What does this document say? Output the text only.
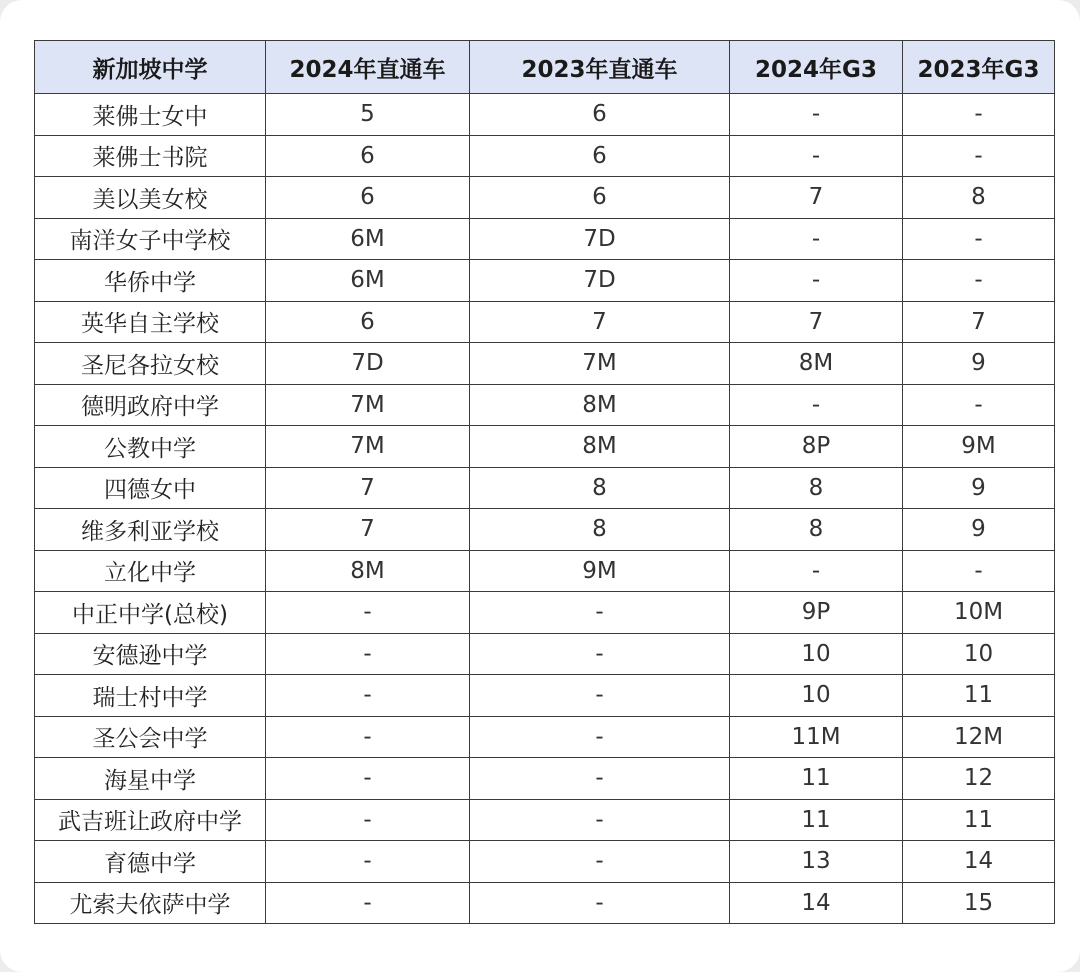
新加坡中学	2024年直通车	2023年直通车	2024年G3	2023年G3
莱佛士女中	5	6	-	-
莱佛士书院	6	6	-	-
美以美女校	6	6	7	8
南洋女子中学校	6M	7D	-	-
华侨中学	6M	7D	-	-
英华自主学校	6	7	7	7
圣尼各拉女校	7D	7M	8M	9
德明政府中学	7M	8M	-	-
公教中学	7M	8M	8P	9M
四德女中	7	8	8	9
维多利亚学校	7	8	8	9
立化中学	8M	9M	-	-
中正中学(总校)	-	-	9P	10M
安德逊中学	-	-	10	10
瑞士村中学	-	-	10	11
圣公会中学	-	-	11M	12M
海星中学	-	-	11	12
武吉班让政府中学	-	-	11	11
育德中学	-	-	13	14
尤索夫依萨中学	-	-	14	15
